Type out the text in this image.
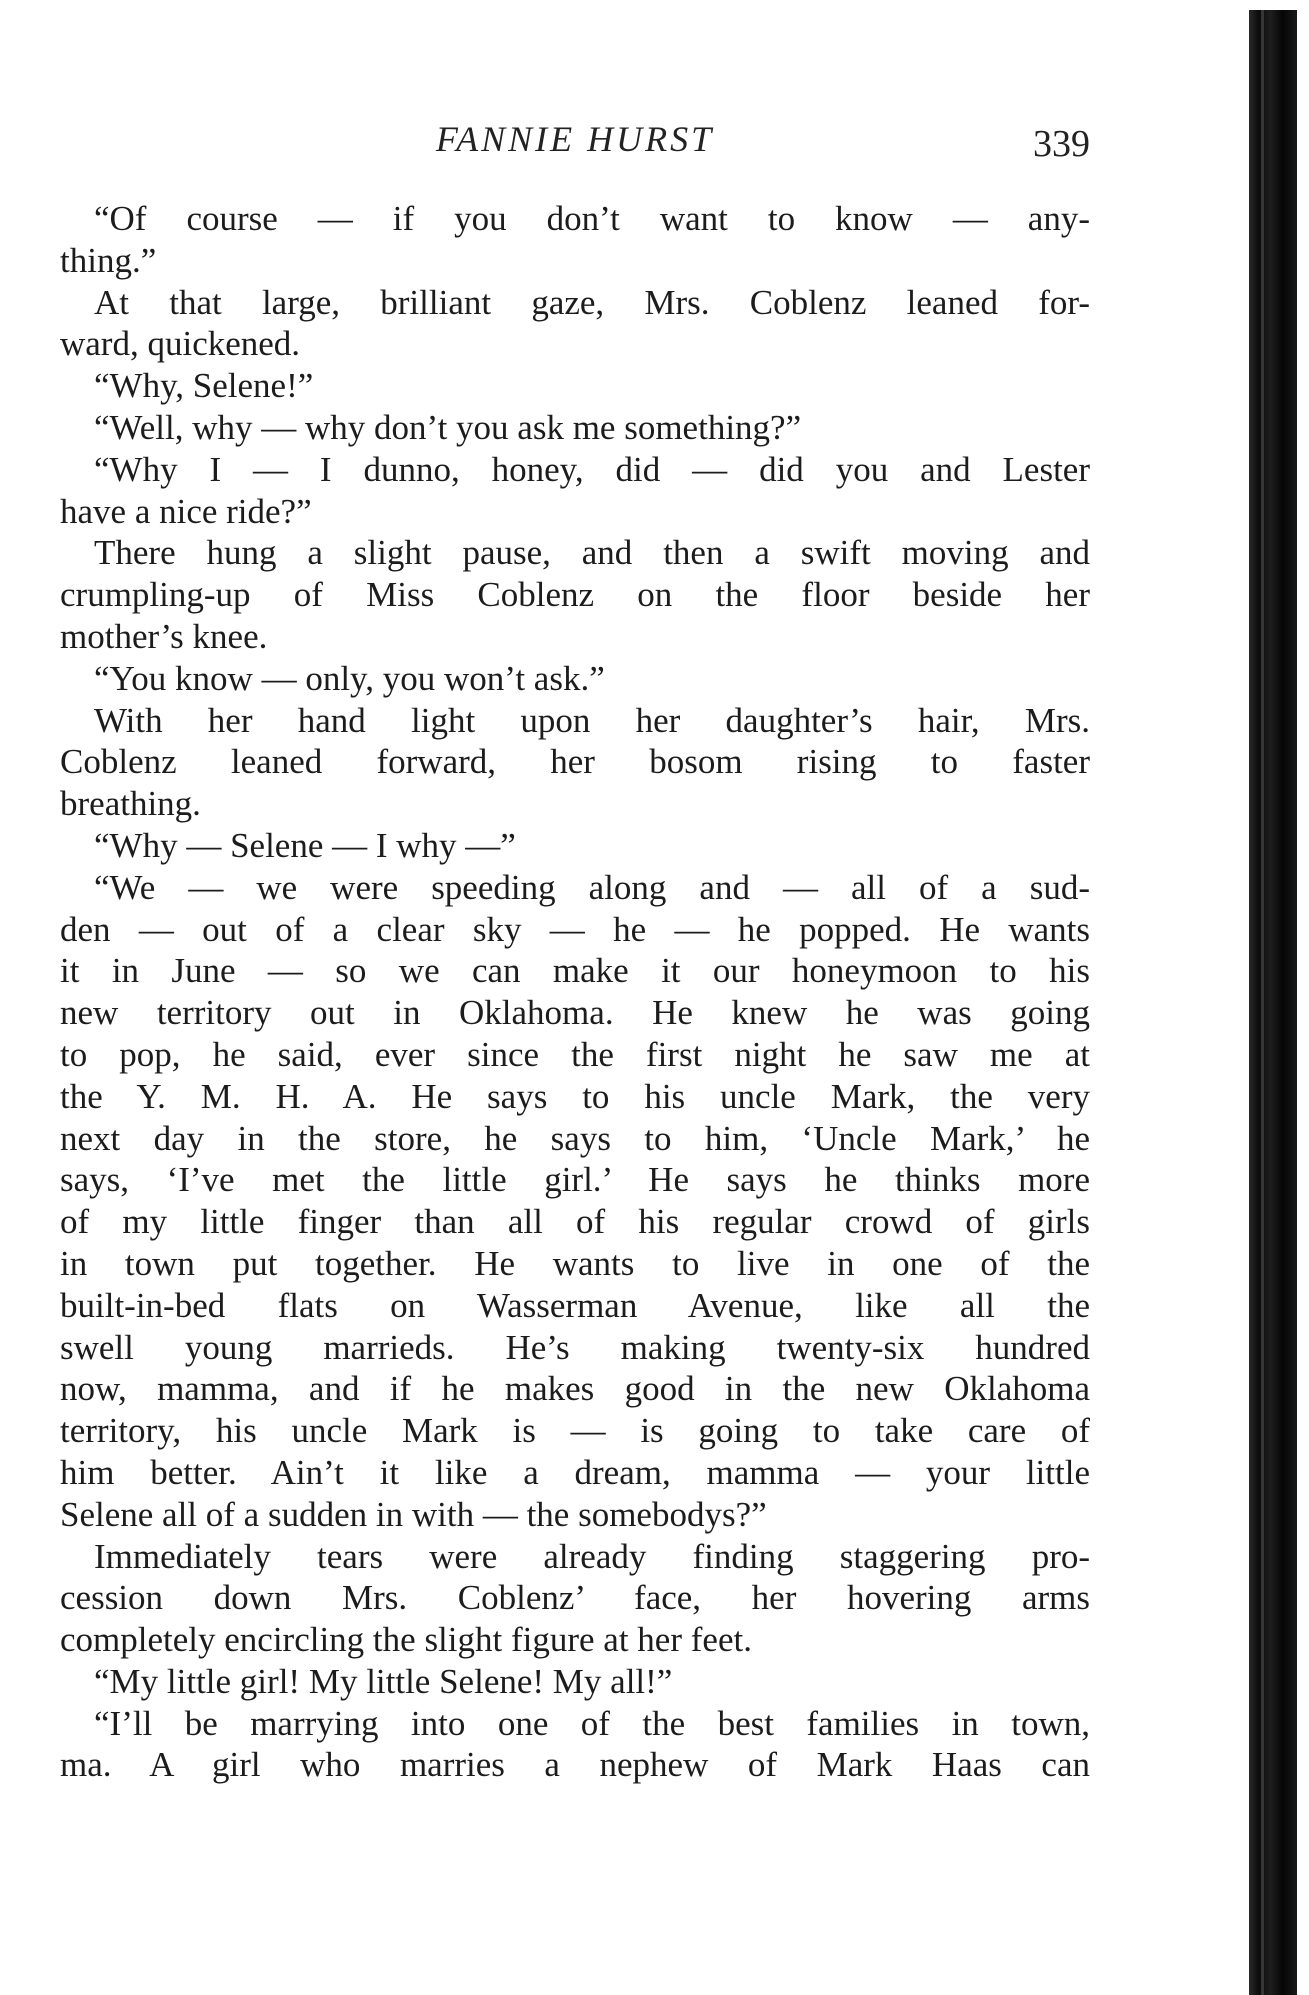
FANNIE HURST	339
“Of course — if you don’t want to know — any-
thing.”
At that large, brilliant gaze, Mrs. Coblenz leaned for-
ward, quickened.
“Why, Selene!”
“Well, why — why don’t you ask me something?”
“Why I — I dunno, honey, did — did you and Lester
have a nice ride?”
There hung a slight pause, and then a swift moving and
crumpling-up of Miss Coblenz on the floor beside her
mother’s knee.
“You know — only, you won’t ask.”
With her hand light upon her daughter’s hair, Mrs.
Coblenz leaned forward, her bosom rising to faster
breathing.
“Why — Selene — I why —”
“We — we were speeding along and — all of a sud-
den — out of a clear sky — he — he popped. He wants
it in June — so we can make it our honeymoon to his
new territory out in Oklahoma. He knew he was going
to pop, he said, ever since the first night he saw me at
the Y. M. H. A. He says to his uncle Mark, the very
next day in the store, he says to him, ‘Uncle Mark,’ he
says, ‘I’ve met the little girl.’ He says he thinks more
of my little finger than all of his regular crowd of girls
in town put together. He wants to live in one of the
built-in-bed flats on Wasserman Avenue, like all the
swell young marrieds. He’s making twenty-six hundred
now, mamma, and if he makes good in the new Oklahoma
territory, his uncle Mark is — is going to take care of
him better. Ain’t it like a dream, mamma — your little
Selene all of a sudden in with — the somebodys?”
Immediately tears were already finding staggering pro-
cession down Mrs. Coblenz’ face, her hovering arms
completely encircling the slight figure at her feet.
“My little girl! My little Selene! My all!”
“I’ll be marrying into one of the best families in town,
ma. A girl who marries a nephew of Mark Haas can
